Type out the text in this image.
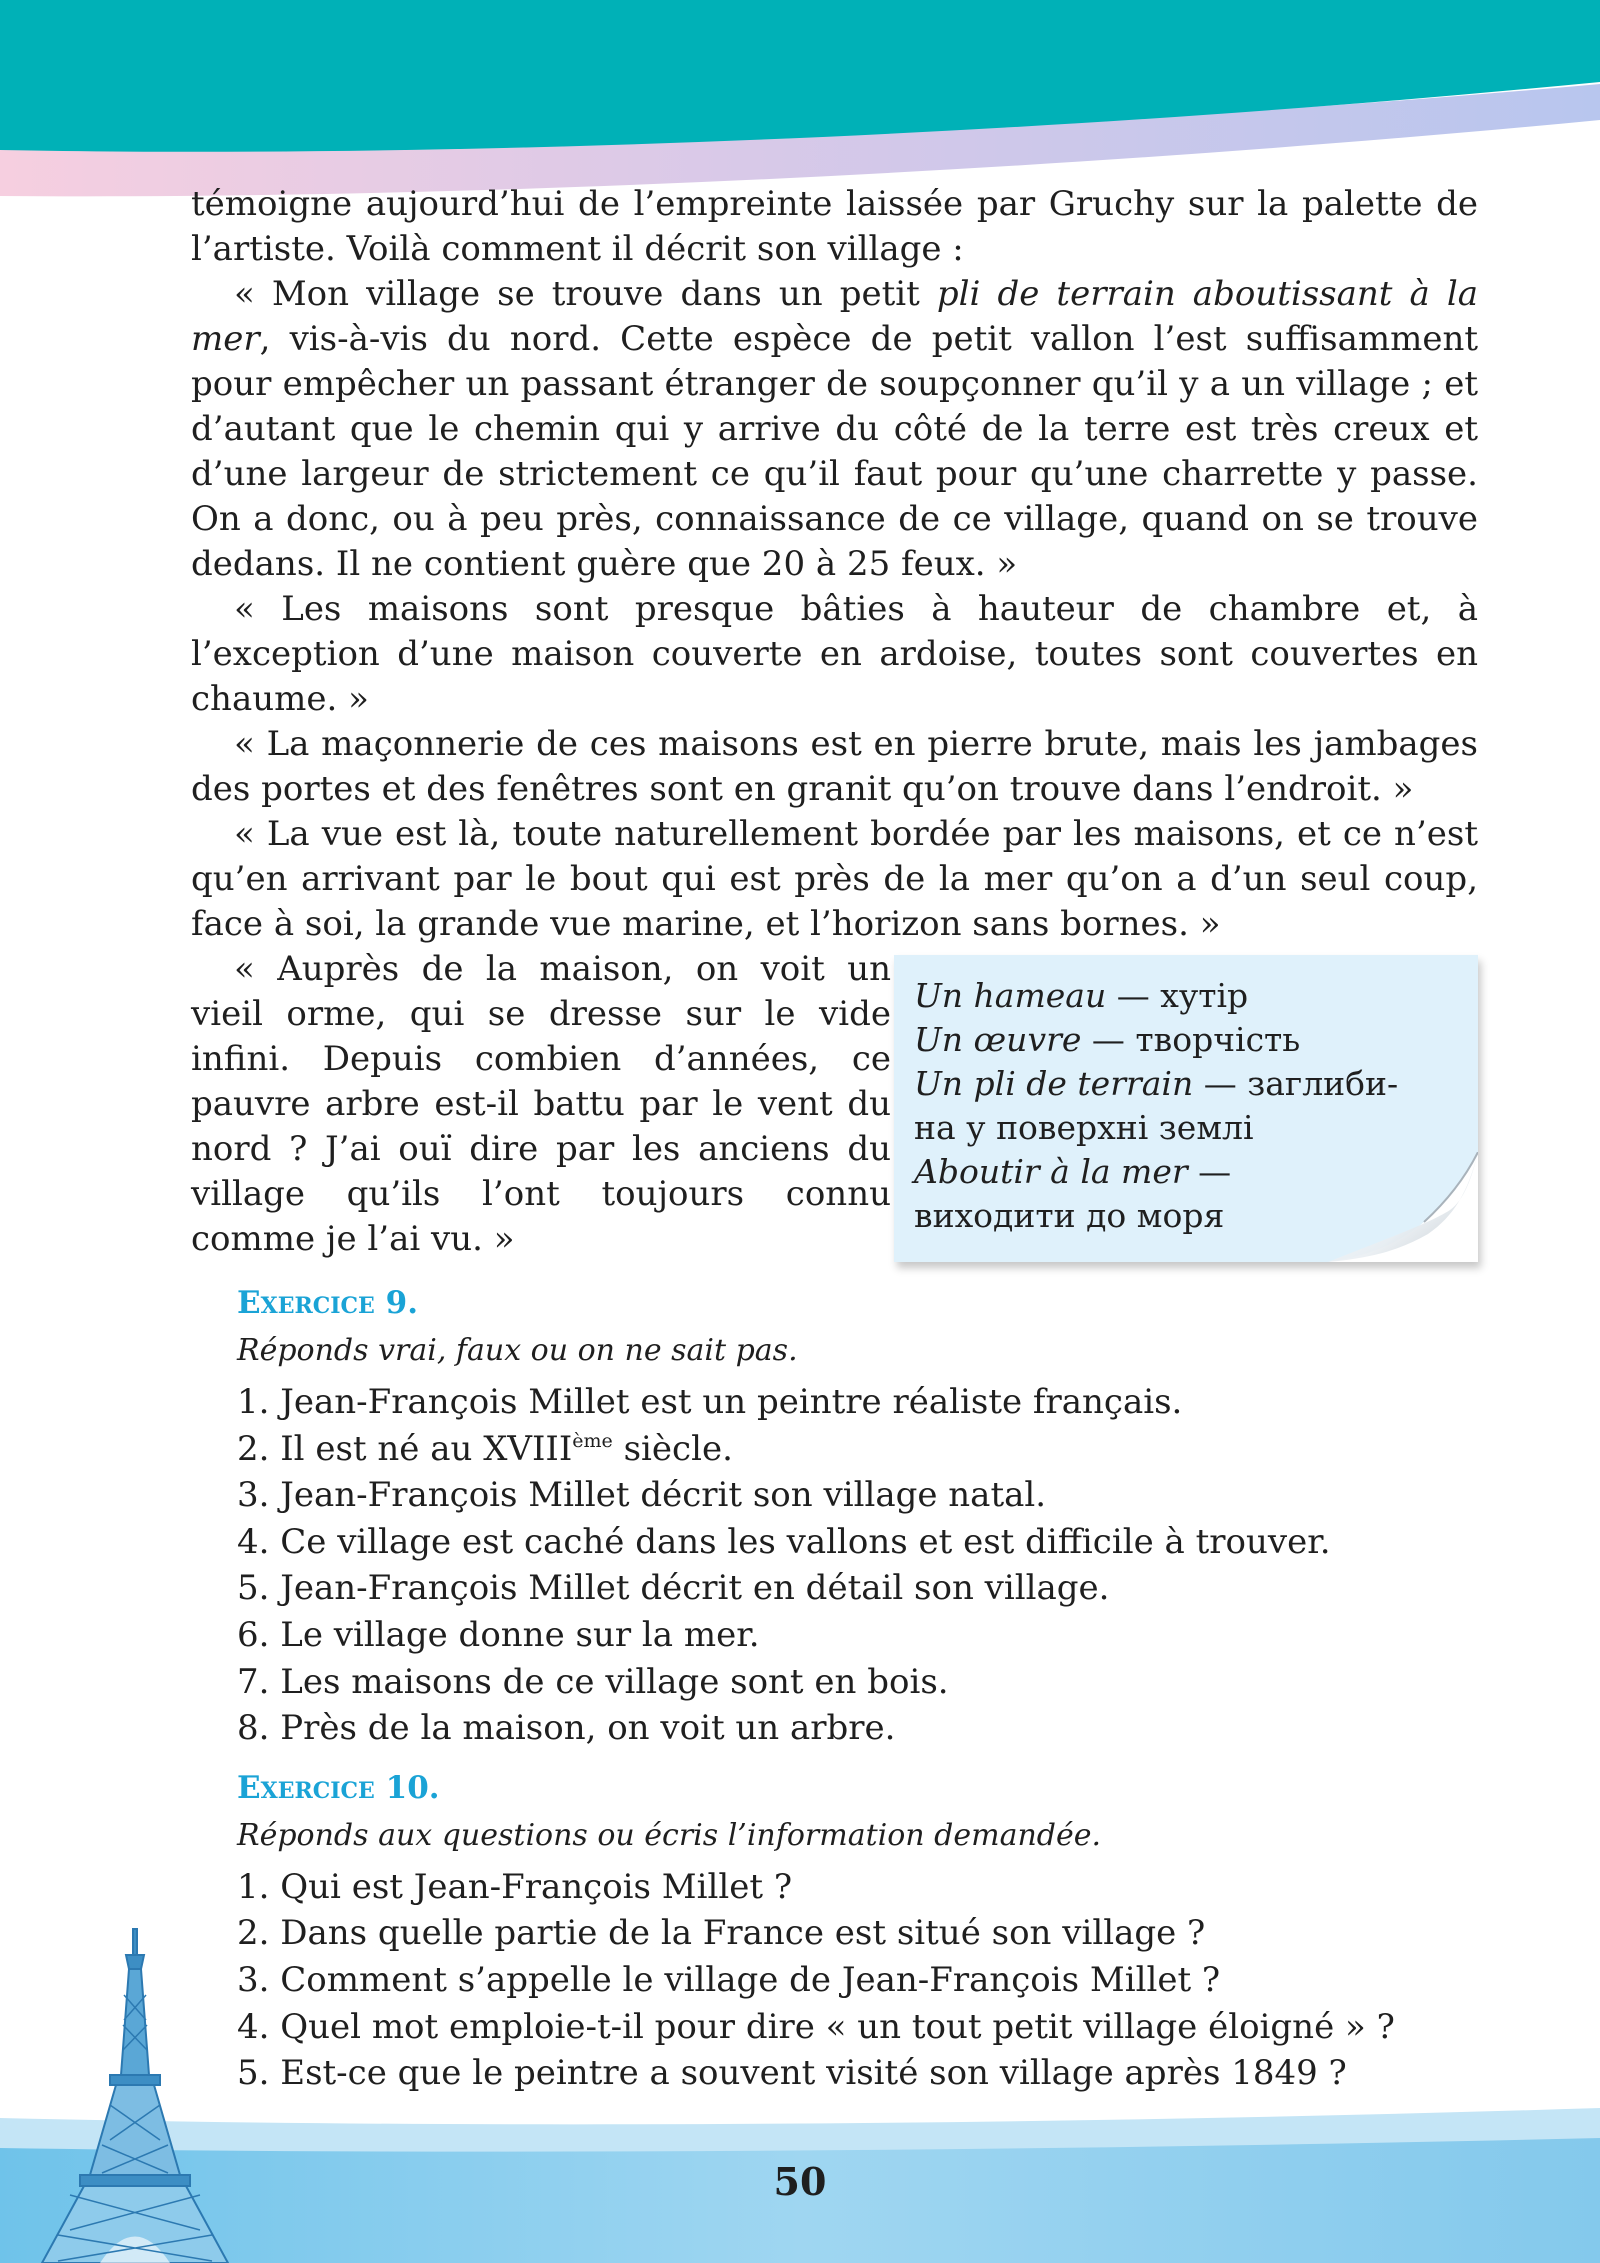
témoigne aujourd’hui de l’empreinte laissée par Gruchy sur la palette de l’artiste. Voilà comment il décrit son village :

« Mon village se trouve dans un petit pli de terrain aboutissant à la mer, vis-à-vis du nord. Cette espèce de petit vallon l’est suffisamment pour empêcher un passant étranger de soupçonner qu’il y a un village ; et d’autant que le chemin qui y arrive du côté de la terre est très creux et d’une largeur de strictement ce qu’il faut pour qu’une charrette y passe. On a donc, ou à peu près, connaissance de ce village, quand on se trouve dedans. Il ne contient guère que 20 à 25 feux. »

« Les maisons sont presque bâties à hauteur de chambre et, à l’exception d’une maison couverte en ardoise, toutes sont couvertes en chaume. »

« La maçonnerie de ces maisons est en pierre brute, mais les jambages des portes et des fenêtres sont en granit qu’on trouve dans l’endroit. »

« La vue est là, toute naturellement bordée par les maisons, et ce n’est qu’en arrivant par le bout qui est près de la mer qu’on a d’un seul coup, face à soi, la grande vue marine, et l’horizon sans bornes. »

« Auprès de la maison, on voit un vieil orme, qui se dresse sur le vide infini. Depuis combien d’années, ce pauvre arbre est-il battu par le vent du nord ? J’ai ouï dire par les anciens du village qu’ils l’ont toujours connu comme je l’ai vu. »

Un hameau — хутір
Un œuvre — творчість
Un pli de terrain — заглиби-
на у поверхні землі
Aboutir à la mer —
виходити до моря
Exercice 9.
Réponds vrai, faux ou on ne sait pas.
1. Jean-François Millet est un peintre réaliste français.
2. Il est né au XVIIIème siècle.
3. Jean-François Millet décrit son village natal.
4. Ce village est caché dans les vallons et est difficile à trouver.
5. Jean-François Millet décrit en détail son village.
6. Le village donne sur la mer.
7. Les maisons de ce village sont en bois.
8. Près de la maison, on voit un arbre.
Exercice 10.
Réponds aux questions ou écris l’information demandée.
1. Qui est Jean-François Millet ?
2. Dans quelle partie de la France est situé son village ?
3. Comment s’appelle le village de Jean-François Millet ?
4. Quel mot emploie-t-il pour dire « un tout petit village éloigné » ?
5. Est-ce que le peintre a souvent visité son village après 1849 ?
50
